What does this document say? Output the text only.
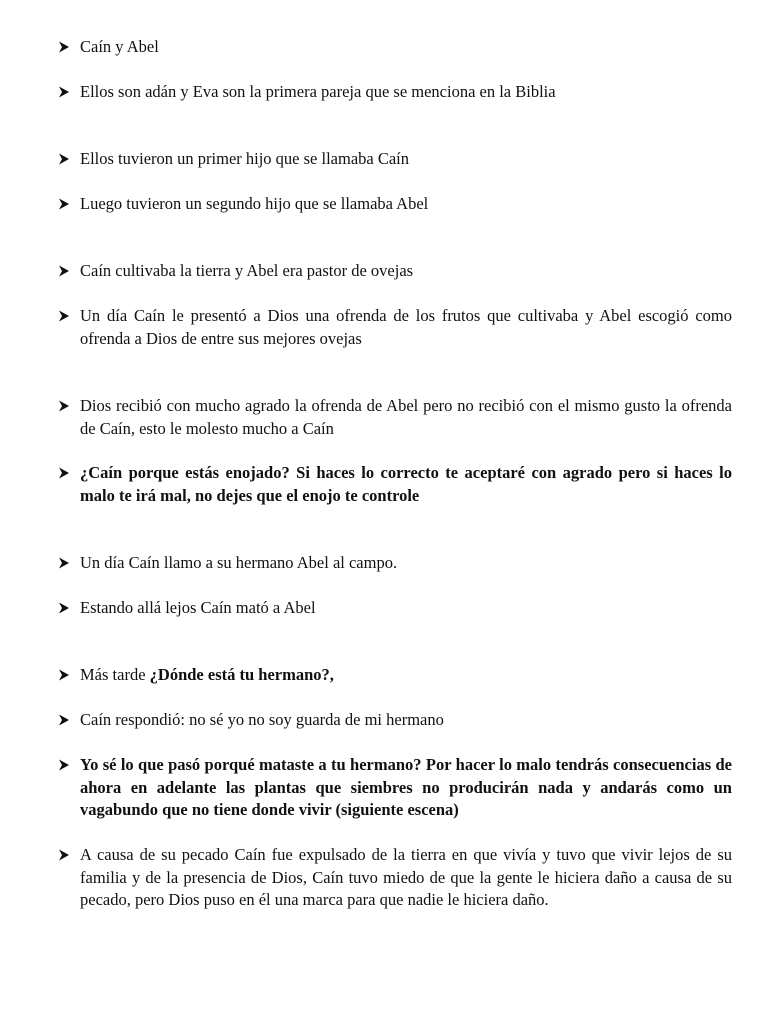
Caín y Abel
Ellos son adán y Eva son la primera pareja que se menciona en la Biblia
Ellos tuvieron un primer hijo que se llamaba Caín
Luego tuvieron un segundo hijo que se llamaba Abel
Caín cultivaba la tierra y Abel era pastor de ovejas
Un día Caín le presentó a Dios una ofrenda de los frutos que cultivaba y Abel escogió como ofrenda a Dios de entre sus mejores ovejas
Dios recibió con mucho agrado la ofrenda de Abel pero no recibió con el mismo gusto la ofrenda de Caín, esto le molesto mucho a Caín
¿Caín porque estás enojado? Si haces lo correcto te aceptaré con agrado pero si haces lo malo te irá mal, no dejes que el enojo te controle
Un día Caín llamo a su hermano Abel al campo.
Estando allá lejos Caín mató a Abel
Más tarde ¿Dónde está tu hermano?,
Caín respondió: no sé yo no soy guarda de mi hermano
Yo sé lo que pasó porqué mataste a tu hermano? Por hacer lo malo tendrás consecuencias de ahora en adelante las plantas que siembres no producirán nada y andarás como un vagabundo que no tiene donde vivir (siguiente escena)
A causa de su pecado Caín fue expulsado de la tierra en que vivía y tuvo que vivir lejos de su familia y de la presencia de Dios, Caín tuvo miedo de que la gente le hiciera daño a causa de su pecado, pero Dios puso en él una marca para que nadie le hiciera daño.
